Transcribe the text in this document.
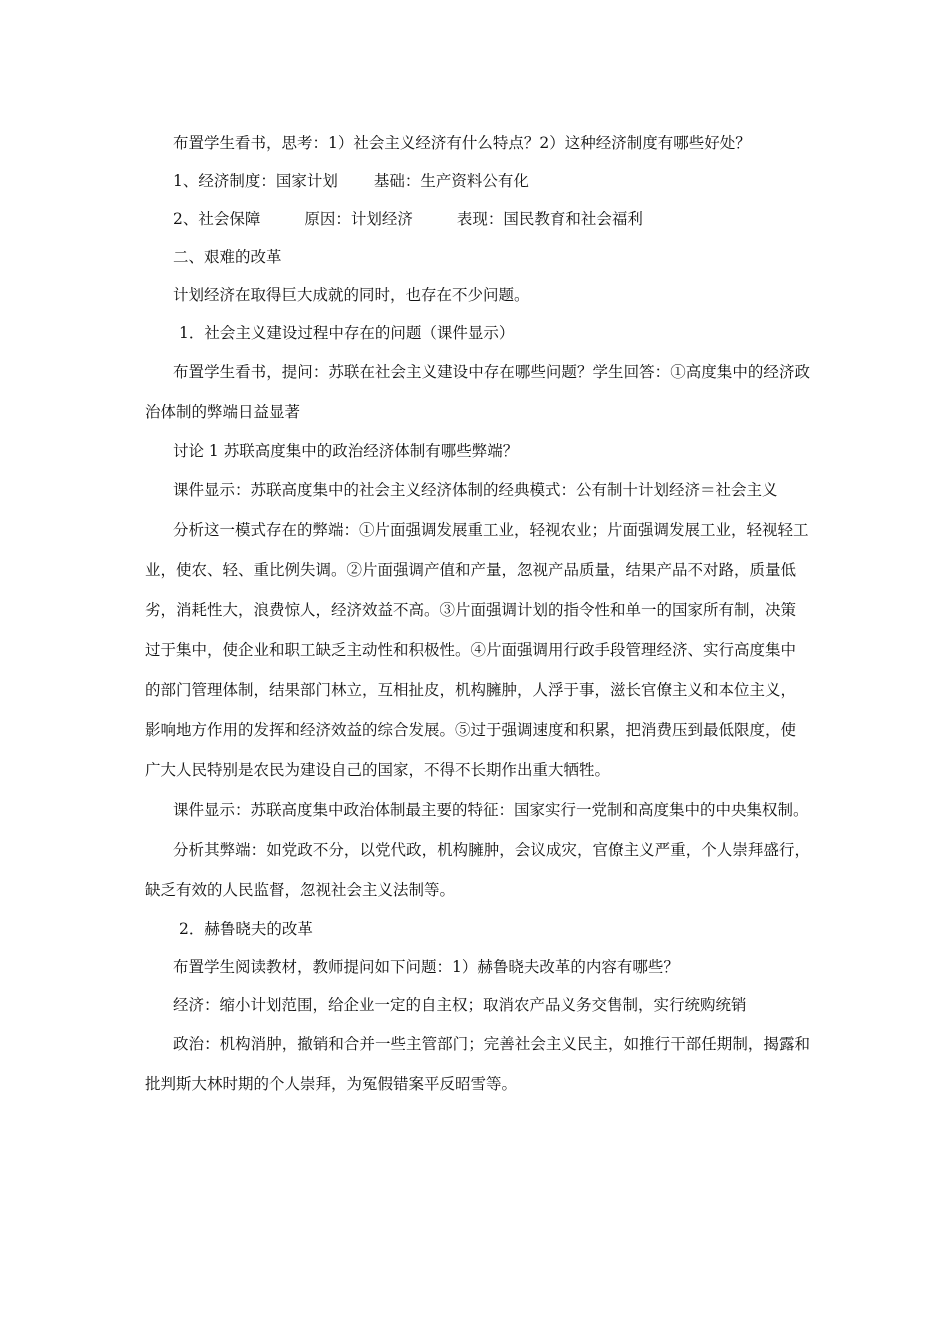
布置学生看书，思考：1）社会主义经济有什么特点？2）这种经济制度有哪些好处？

1、经济制度：国家计划 基础：生产资料公有化

2、社会保障	原因：计划经济	表现：国民教育和社会福利

二、艰难的改革

计划经济在取得巨大成就的同时，也存在不少问题。

1．社会主义建设过程中存在的问题（课件显示）

布置学生看书，提问：苏联在社会主义建设中存在哪些问题？学生回答：①高度集中的经济政治体制的弊端日益显著

讨论 1 苏联高度集中的政治经济体制有哪些弊端？

课件显示：苏联高度集中的社会主义经济体制的经典模式：公有制十计划经济＝社会主义

分析这一模式存在的弊端：①片面强调发展重工业，轻视农业；片面强调发展工业，轻视轻工业，使农、轻、重比例失调。②片面强调产值和产量，忽视产品质量，结果产品不对路，质量低劣，消耗性大，浪费惊人，经济效益不高。③片面强调计划的指令性和单一的国家所有制，决策过于集中，使企业和职工缺乏主动性和积极性。④片面强调用行政手段管理经济、实行高度集中的部门管理体制，结果部门林立，互相扯皮，机构臃肿，人浮于事，滋长官僚主义和本位主义，影响地方作用的发挥和经济效益的综合发展。⑤过于强调速度和积累，把消费压到最低限度，使广大人民特别是农民为建设自己的国家，不得不长期作出重大牺牲。

课件显示：苏联高度集中政治体制最主要的特征：国家实行一党制和高度集中的中央集权制。

分析其弊端：如党政不分，以党代政，机构臃肿，会议成灾，官僚主义严重，个人崇拜盛行，缺乏有效的人民监督，忽视社会主义法制等。

2．赫鲁晓夫的改革

布置学生阅读教材，教师提问如下问题：1）赫鲁晓夫改革的内容有哪些？

经济：缩小计划范围，给企业一定的自主权；取消农产品义务交售制，实行统购统销

政治：机构消肿，撤销和合并一些主管部门；完善社会主义民主，如推行干部任期制，揭露和批判斯大林时期的个人崇拜，为冤假错案平反昭雪等。
